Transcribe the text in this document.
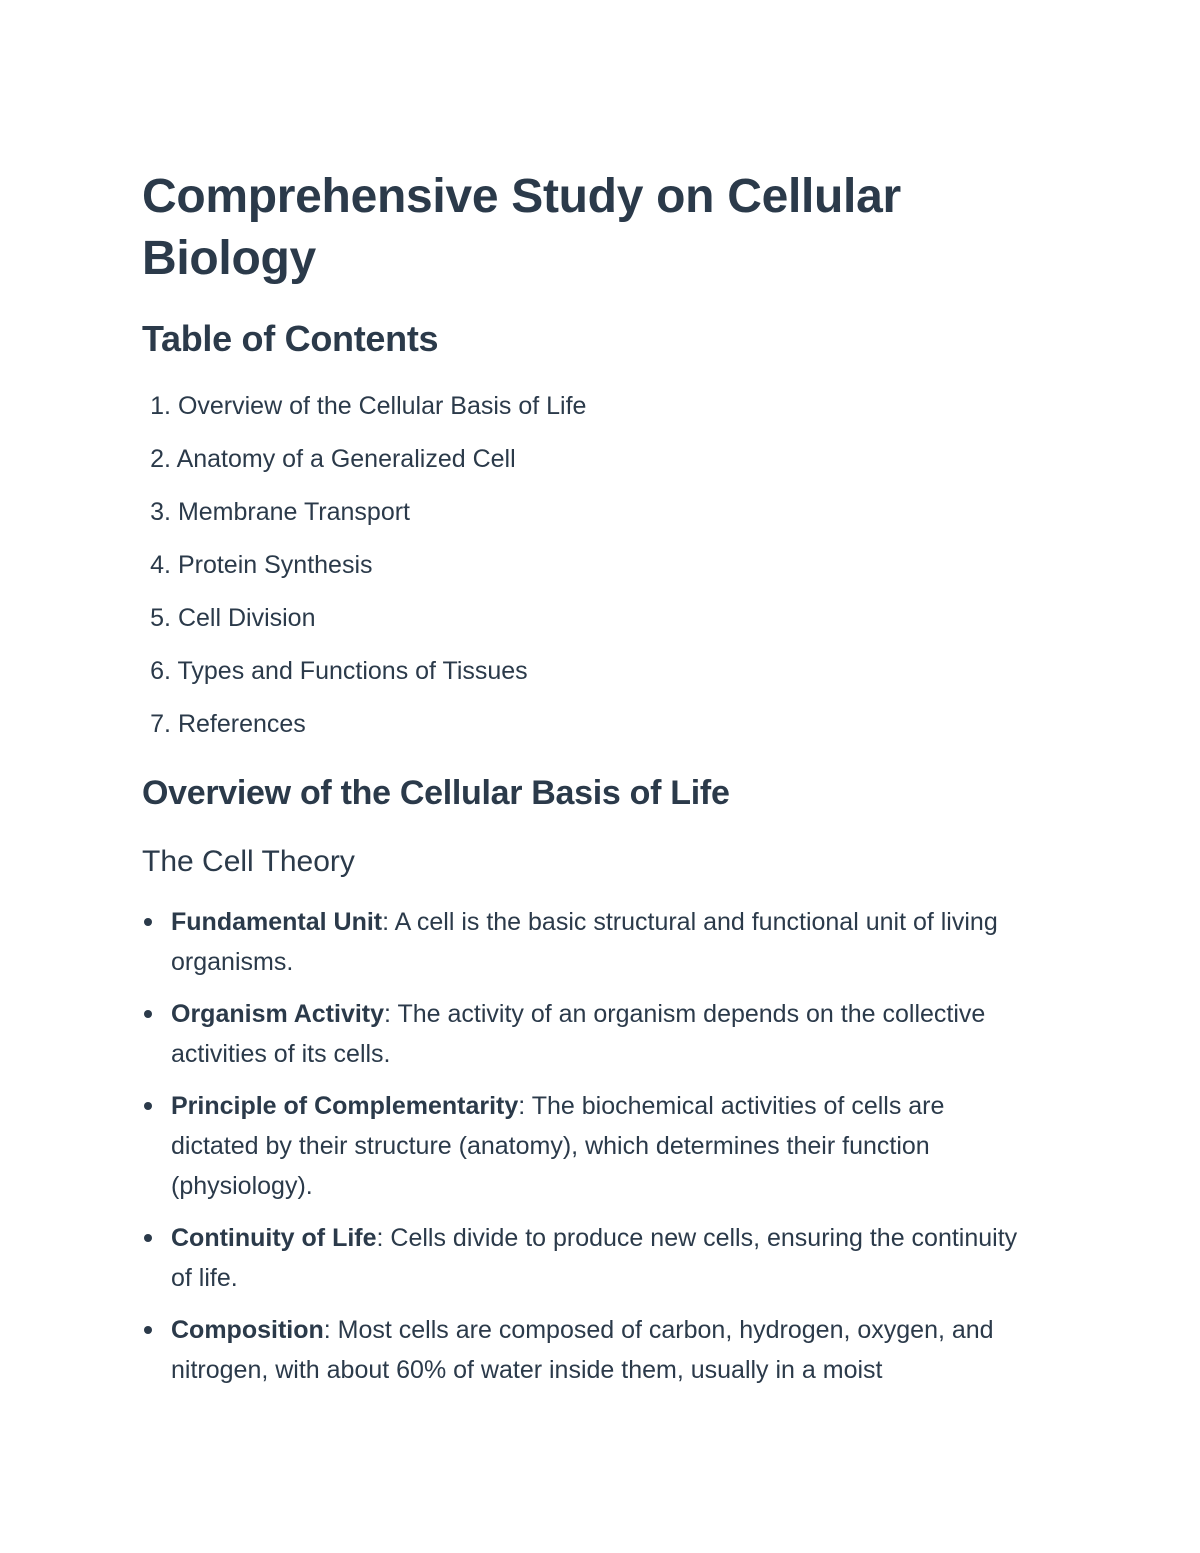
Comprehensive Study on Cellular Biology
Table of Contents
1. Overview of the Cellular Basis of Life
2. Anatomy of a Generalized Cell
3. Membrane Transport
4. Protein Synthesis
5. Cell Division
6. Types and Functions of Tissues
7. References
Overview of the Cellular Basis of Life
The Cell Theory
Fundamental Unit: A cell is the basic structural and functional unit of living organisms.
Organism Activity: The activity of an organism depends on the collective activities of its cells.
Principle of Complementarity: The biochemical activities of cells are dictated by their structure (anatomy), which determines their function (physiology).
Continuity of Life: Cells divide to produce new cells, ensuring the continuity of life.
Composition: Most cells are composed of carbon, hydrogen, oxygen, and nitrogen, with about 60% of water inside them, usually in a moist
